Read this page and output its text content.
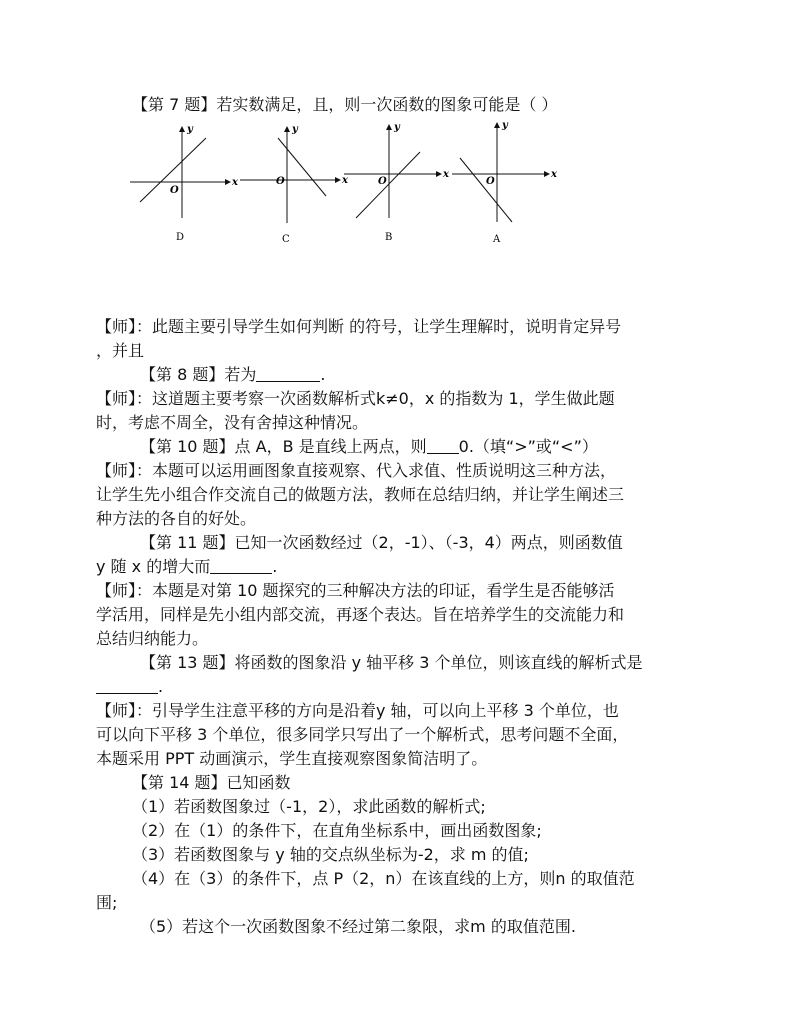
【第 7 题】若实数满足，且，则一次函数的图象可能是（ ）
O
x
y
D
O	x
y
C
O
x
y
B
O
x
y
A
【师】：此题主要引导学生如何判断 的符号，让学生理解时，说明肯定异号
，并且
【第 8 题】若为	.
【师】：这道题主要考察一次函数解析式k≠0，x 的指数为 1，学生做此题
时，考虑不周全，没有舍掉这种情况。
【第 10 题】点 A，B 是直线上两点，则 0.（填“>”或“<”）
【师】：本题可以运用画图象直接观察、代入求值、性质说明这三种方法，
让学生先小组合作交流自己的做题方法，教师在总结归纳，并让学生阐述三
种方法的各自的好处。
【第 11 题】已知一次函数经过（2，-1）、（-3，4）两点，则函数值
y 随 x 的增大而	.
【师】：本题是对第 10 题探究的三种解决方法的印证，看学生是否能够活
学活用，同样是先小组内部交流，再逐个表达。旨在培养学生的交流能力和
总结归纳能力。
【第 13 题】将函数的图象沿 y 轴平移 3 个单位，则该直线的解析式是
.
【师】：引导学生注意平移的方向是沿着y 轴，可以向上平移 3 个单位，也
可以向下平移 3 个单位，很多同学只写出了一个解析式，思考问题不全面，
本题采用 PPT 动画演示，学生直接观察图象简洁明了。
【第 14 题】已知函数
（1）若函数图象过（-1，2），求此函数的解析式;
（2）在（1）的条件下，在直角坐标系中，画出函数图象;
（3）若函数图象与 y 轴的交点纵坐标为-2，求 m 的值;
（4）在（3）的条件下，点 P（2，n）在该直线的上方，则n 的取值范
围;
（5）若这个一次函数图象不经过第二象限，求m 的取值范围.
